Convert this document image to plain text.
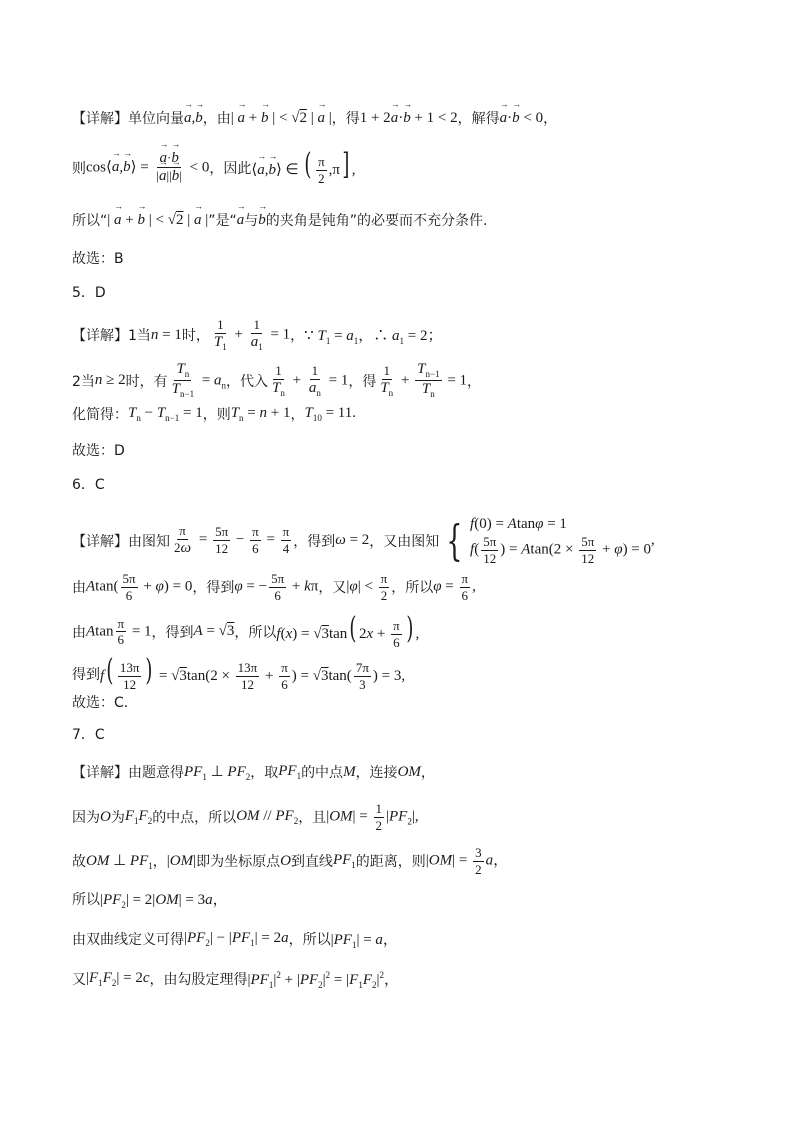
【详解】单位向量 → a,→ b ，由 | → a + → b | < √2 | → a | ，得 1 + 2→ a·→ b + 1 < 2 ，解得 → a·→ b < 0 ，
则 cos⟨→ a,→ b⟩ = → $\frac{a\cdot\to b}{|\to a||\to b|} < 0$ ，因此 ⟨→ a,→ b⟩ ∈ ( $\frac{\pi}{2} ,\pi$] ,
所以“ | → a + → b | < √2 | → a | ”是“ → a 与 → b 的夹角是钝角”的必要而不充分条件.
故选：B
5．D
【详解】1当 n = 1 时， $\frac{1}{T_1} + \frac{1}{a_1} = 1$ ， ∵ $T_1 = a_1$，∴ $a_1 = 2$；
2当 n ≥ 2 时，有 $\frac{T_n}{T_{n-1}} = a_n$ ，代入 $\frac{1}{T_n} + \frac{1}{a_n} = 1$ ，得 $\frac{1}{T_n} + \frac{T_{n-1}}{T_n} = 1$ ，
化简得： $T_n - T_{n-1} = 1$ ，则 $T_n = n + 1$ ， $T_{10} = 11$.
故选：D
6．C
【详解】由图知 $\frac{\pi}{2\omega} = \frac{5\pi}{12} - \frac{\pi}{6} = \frac{\pi}{4}$ ，得到 ω = 2 ，又由图知 { f(0) = Atanφ = 1
$f( \frac{5\pi}{12}$ ) = $Atan(2 \times \frac{5\pi}{12} + \varphi) = 0$
,
由 $Atan( \frac{5\pi}{6} + \varphi) = 0$ ，得到 φ = − $\frac{5\pi}{6} + k\pi$ ，又 $|\varphi| < \frac{\pi}{2}$ ，所以 $\varphi = \frac{\pi}{6}$ ,
由 Atan $\frac{\pi}{6} = 1$ ，得到 A = √3 ，所以 f(x) = √3tan( $2x + \frac{\pi}{6}$ ) ,
得到 $f( \frac{13\pi}{12}$ ) = $√3\tan(2 \times \frac{13\pi}{12} + \frac{\pi}{6}$ ) = $√3\tan( \frac{7\pi}{3}$ ) = 3,
故选：C.
7．C
【详解】由题意得 $PF_1$ ⊥ $PF_2$ ，取 $PF_1$ 的中点 M ，连接 OM ，
因为 O 为 $F_1F_2$ 的中点，所以 OM // $PF_2$ ，且 $|OM| = \frac{1}{2} |PF_2|$,
故 OM ⊥ $PF_1$ ， |OM| 即为坐标原点 O 到直线 $PF_1$ 的距离，则 $|OM| = \frac{3}{2}$ a，
所以 $|PF_2| = 2|OM| = 3a$，
由双曲线定义可得 $|PF_2| - |PF_1| = 2a$ ，所以 $|PF_1| = a$，
又 $|F_1F_2| = 2c$ ，由勾股定理得 $|PF_1|^2 + |PF_2|^2 = |F_1F_2|^2$，
